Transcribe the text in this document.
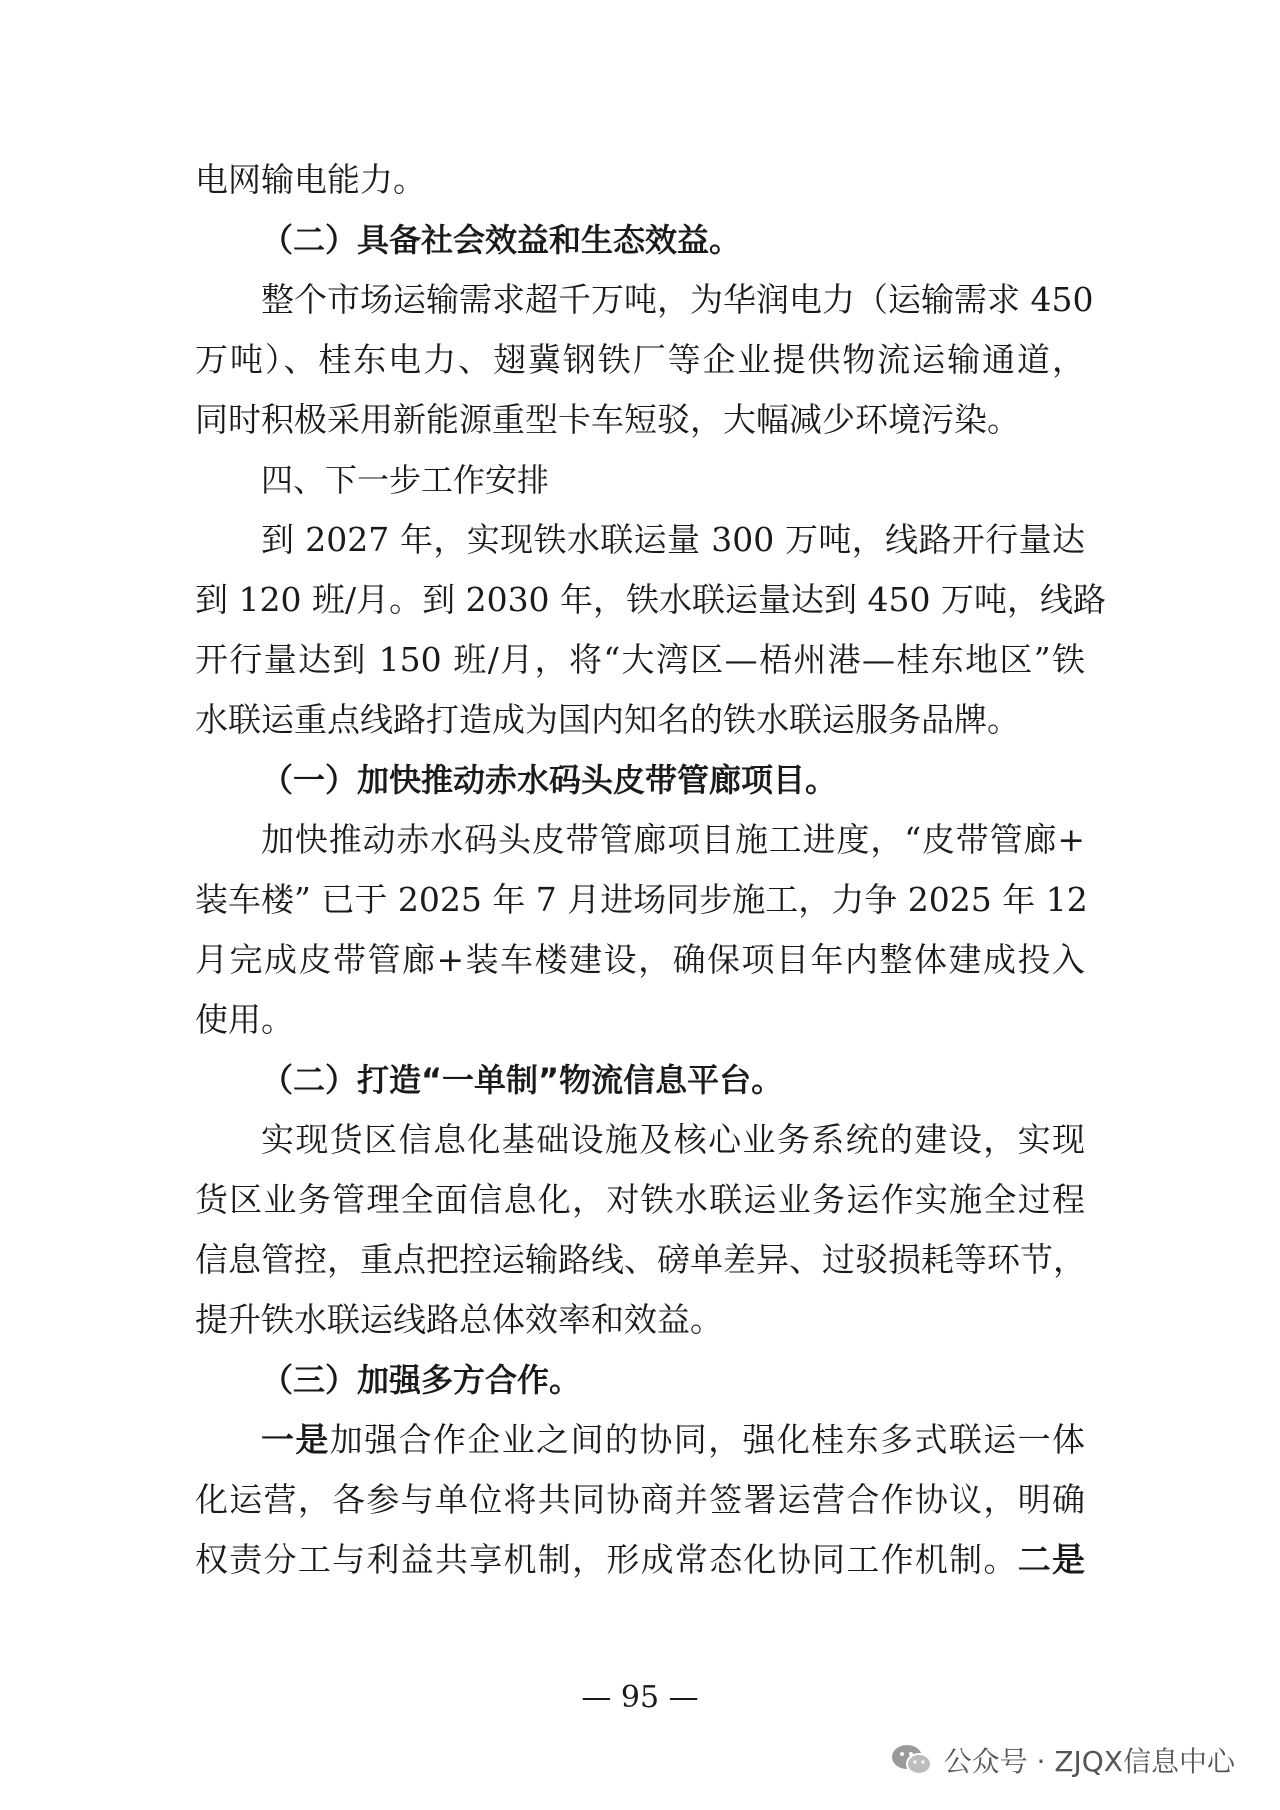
电网输电能力。
（二）具备社会效益和生态效益。
整个市场运输需求超千万吨，为华润电力（运输需求 450
万吨）、桂东电力、翅冀钢铁厂等企业提供物流运输通道，
同时积极采用新能源重型卡车短驳，大幅减少环境污染。
四、下一步工作安排
到 2027 年，实现铁水联运量 300 万吨，线路开行量达
到 120 班/月。到 2030 年，铁水联运量达到 450 万吨，线路
开行量达到 150 班/月，将“大湾区—梧州港—桂东地区”铁
水联运重点线路打造成为国内知名的铁水联运服务品牌。
（一）加快推动赤水码头皮带管廊项目。
加快推动赤水码头皮带管廊项目施工进度，“皮带管廊+
装车楼” 已于 2025 年 7 月进场同步施工，力争 2025 年 12
月完成皮带管廊+装车楼建设，确保项目年内整体建成投入
使用。
（二）打造“一单制”物流信息平台。
实现货区信息化基础设施及核心业务系统的建设，实现
货区业务管理全面信息化，对铁水联运业务运作实施全过程
信息管控，重点把控运输路线、磅单差异、过驳损耗等环节，
提升铁水联运线路总体效率和效益。
（三）加强多方合作。
一是加强合作企业之间的协同，强化桂东多式联运一体
化运营，各参与单位将共同协商并签署运营合作协议，明确
权责分工与利益共享机制，形成常态化协同工作机制。二是
— 95 —
公众号 · ZJQX信息中心
